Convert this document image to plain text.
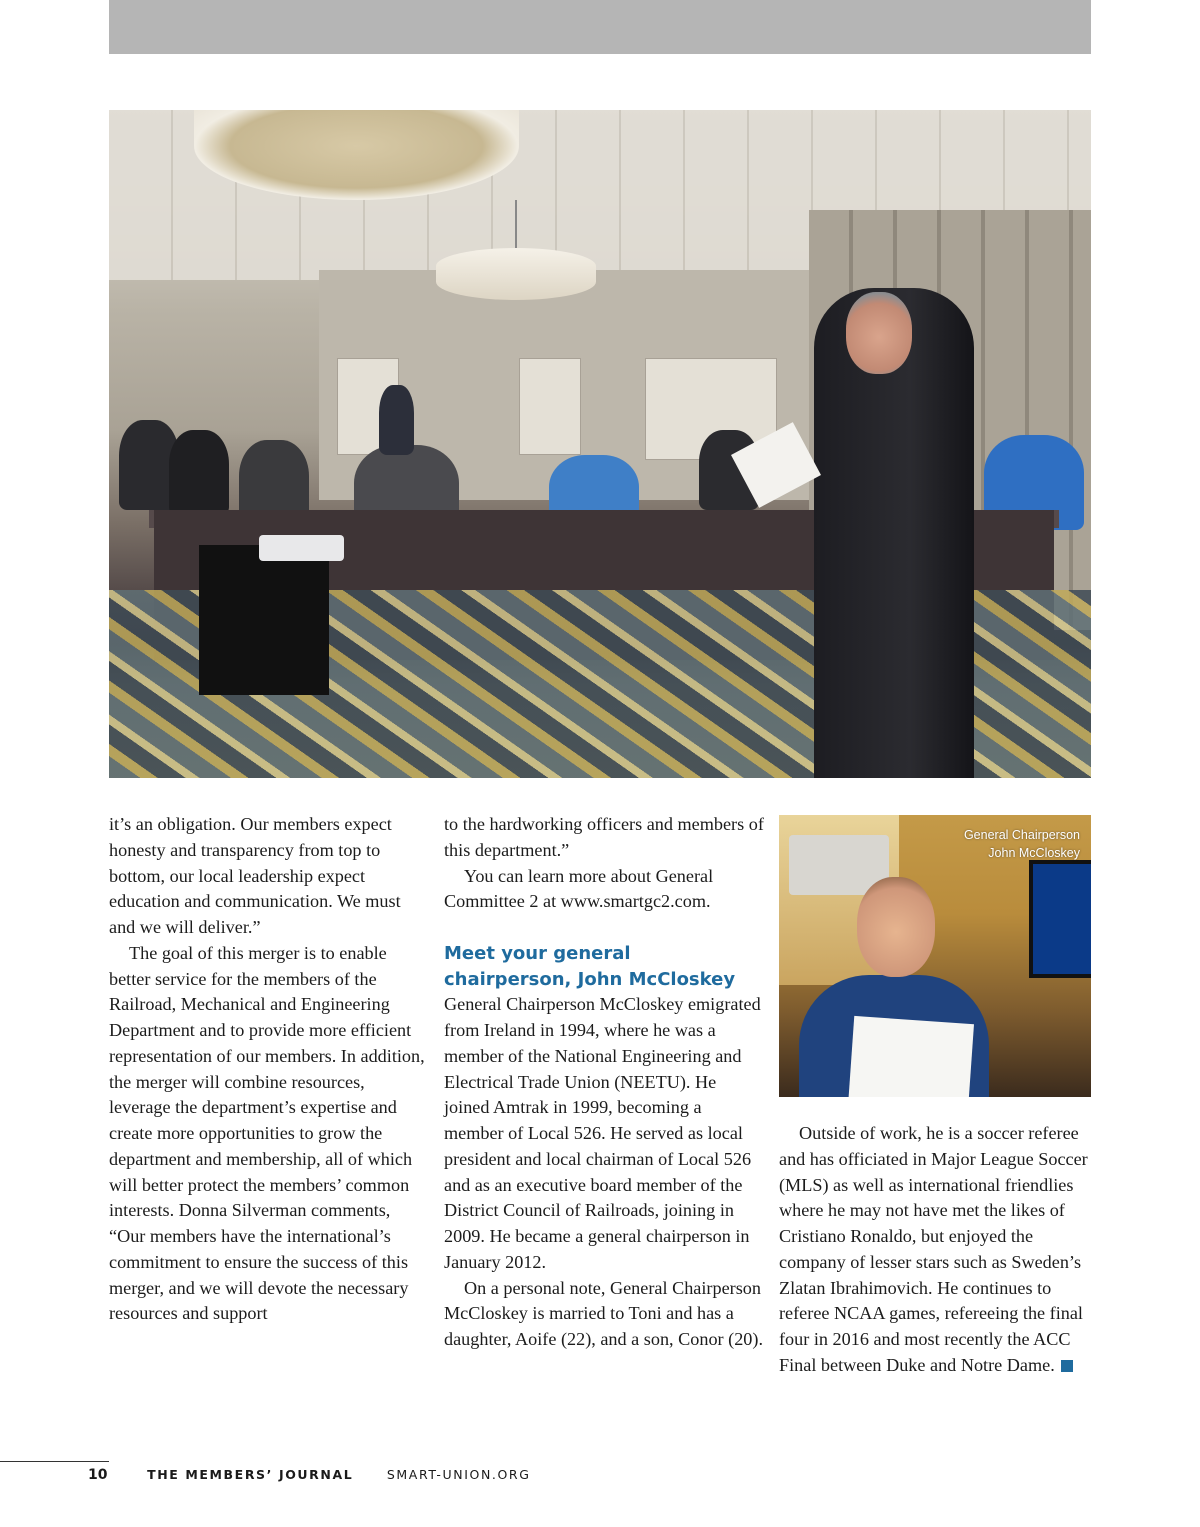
it’s an obligation. Our members expect honesty and transparency from top to bottom, our local leadership expect education and communication. We must and we will deliver.”

The goal of this merger is to enable better service for the members of the Railroad, Mechanical and Engineering Department and to provide more efficient representation of our members. In addition, the merger will combine resources, leverage the department’s expertise and create more opportunities to grow the department and membership, all of which will better protect the members’ common interests. Donna Silverman comments, “Our members have the international’s commitment to ensure the success of this merger, and we will devote the necessary resources and support

to the hardworking officers and members of this department.”

You can learn more about General Committee 2 at www.smartgc2.com.

Meet your general chairperson, John McCloskey

General Chairperson McCloskey emigrated from Ireland in 1994, where he was a member of the National Engineering and Electrical Trade Union (NEETU). He joined Amtrak in 1999, becoming a member of Local 526. He served as local president and local chairman of Local 526 and as an executive board member of the District Council of Railroads, joining in 2009. He became a general chairperson in January 2012.

On a personal note, General Chairperson McCloskey is married to Toni and has a daughter, Aoife (22), and a son, Conor (20).

General Chairperson
John McCloskey

Outside of work, he is a soccer referee and has officiated in Major League Soccer (MLS) as well as international friendlies where he may not have met the likes of Cristiano Ronaldo, but enjoyed the company of lesser stars such as Sweden’s Zlatan Ibrahimovich. He continues to referee NCAA games, refereeing the final four in 2016 and most recently the ACC Final between Duke and Notre Dame.

10	THE MEMBERS’ JOURNAL	SMART-UNION.ORG
